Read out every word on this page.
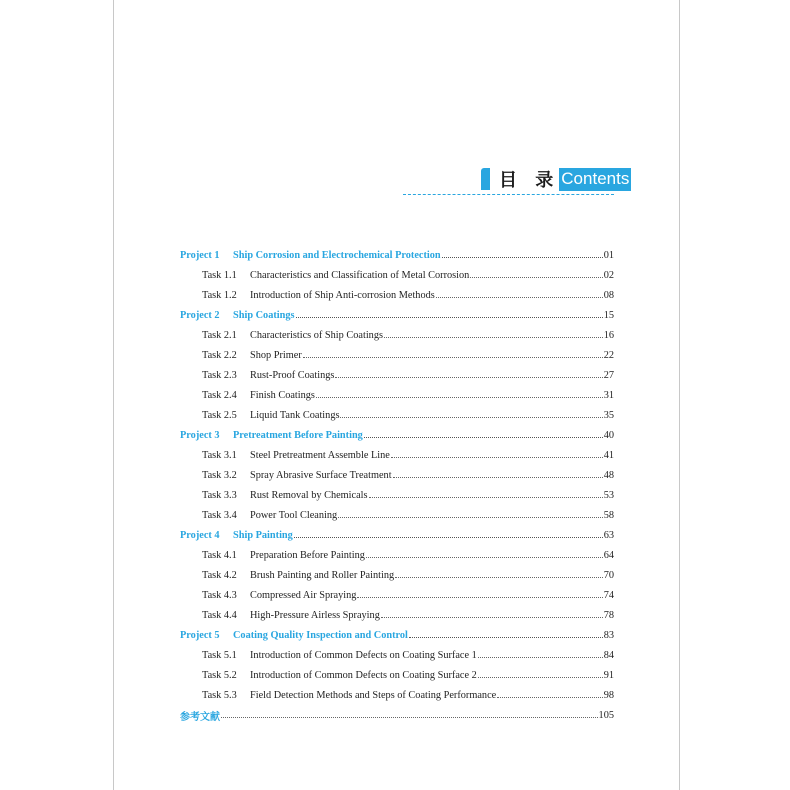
目 录 Contents
Project 1	Ship Corrosion and Electrochemical Protection	01
Task 1.1	Characteristics and Classification of Metal Corrosion	02
Task 1.2	Introduction of Ship Anti-corrosion Methods	08
Project 2	Ship Coatings	15
Task 2.1	Characteristics of Ship Coatings	16
Task 2.2	Shop Primer	22
Task 2.3	Rust-Proof Coatings	27
Task 2.4	Finish Coatings	31
Task 2.5	Liquid Tank Coatings	35
Project 3	Pretreatment Before Painting	40
Task 3.1	Steel Pretreatment Assemble Line	41
Task 3.2	Spray Abrasive Surface Treatment	48
Task 3.3	Rust Removal by Chemicals	53
Task 3.4	Power Tool Cleaning	58
Project 4	Ship Painting	63
Task 4.1	Preparation Before Painting	64
Task 4.2	Brush Painting and Roller Painting	70
Task 4.3	Compressed Air Spraying	74
Task 4.4	High-Pressure Airless Spraying	78
Project 5	Coating Quality Inspection and Control	83
Task 5.1	Introduction of Common Defects on Coating Surface 1	84
Task 5.2	Introduction of Common Defects on Coating Surface 2	91
Task 5.3	Field Detection Methods and Steps of Coating Performance	98
参考文献	105
